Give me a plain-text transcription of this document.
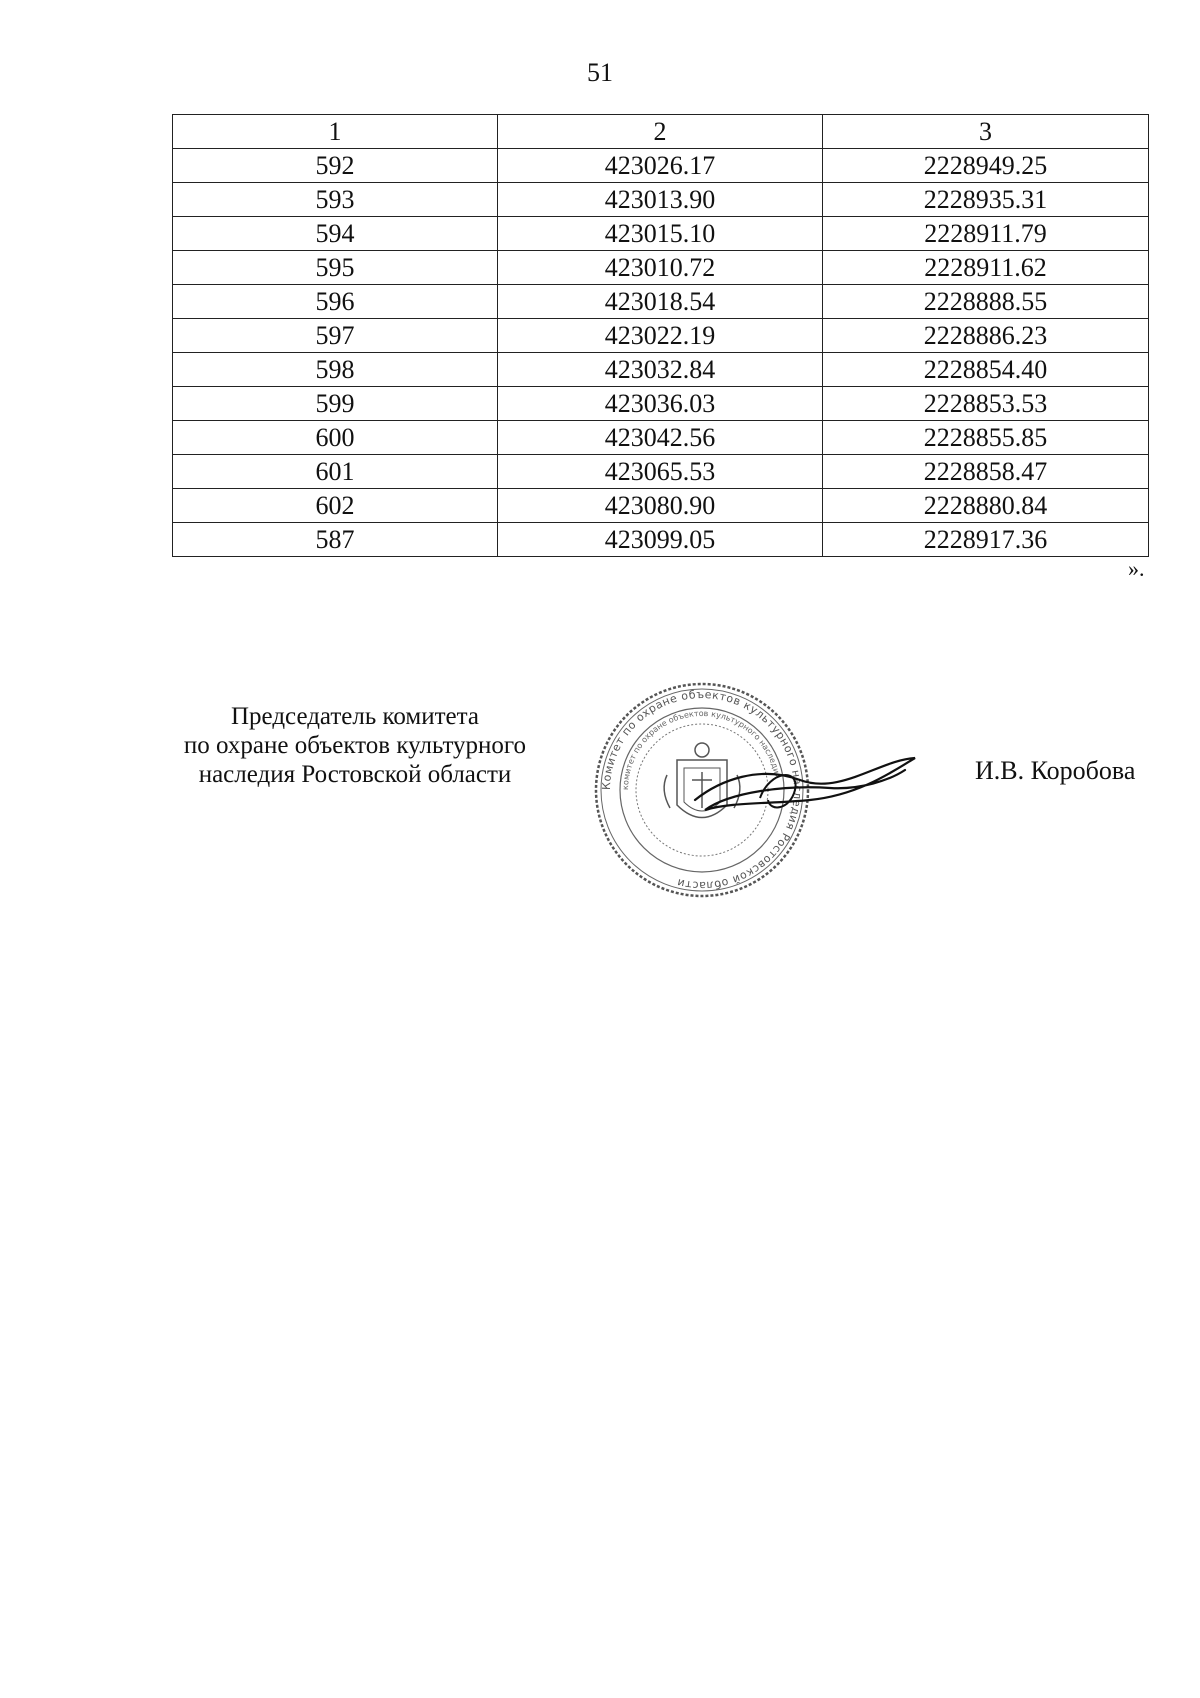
51
1	2	3
592	423026.17	2228949.25
593	423013.90	2228935.31
594	423015.10	2228911.79
595	423010.72	2228911.62
596	423018.54	2228888.55
597	423022.19	2228886.23
598	423032.84	2228854.40
599	423036.03	2228853.53
600	423042.56	2228855.85
601	423065.53	2228858.47
602	423080.90	2228880.84
587	423099.05	2228917.36
».
Председатель комитета
по охране объектов культурного
наследия Ростовской области	Комитет по охране объектов культурного наследия Ростовской области
комитет по охране объектов культурного наследия	И.В. Коробова
